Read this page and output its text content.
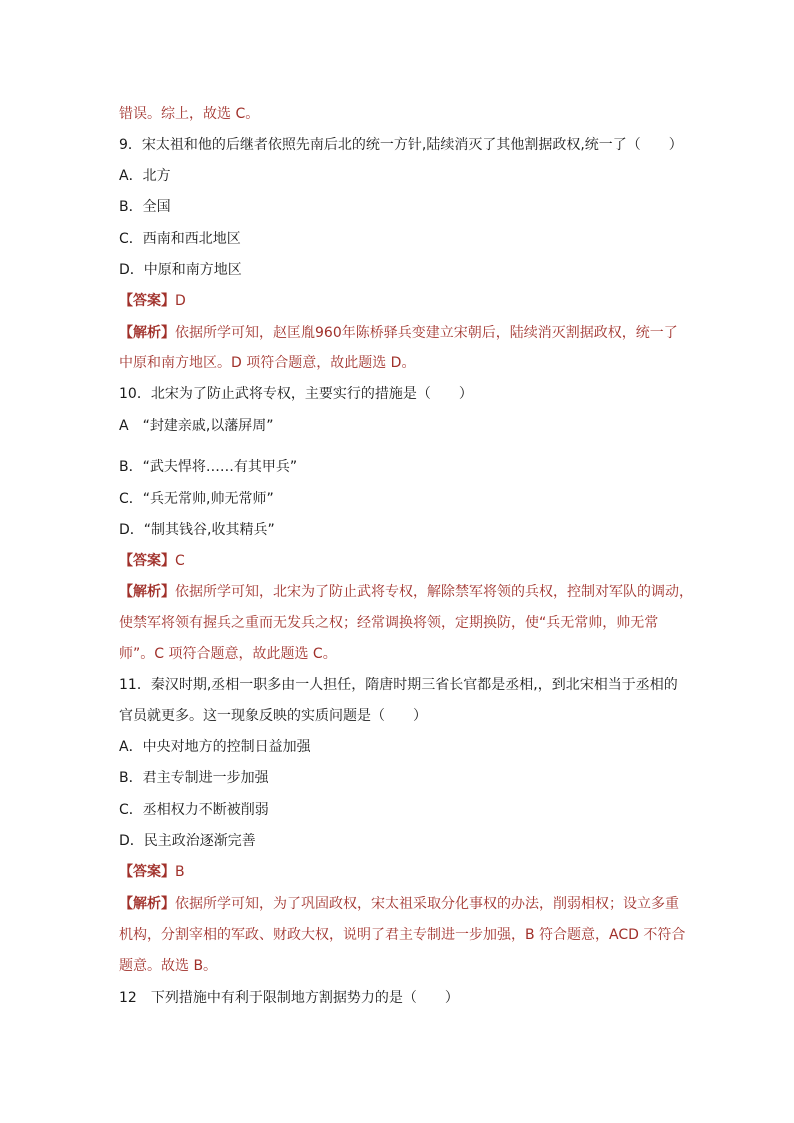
错误。综上，故选 C。
9．宋太祖和他的后继者依照先南后北的统一方针,陆续消灭了其他割据政权,统一了（　　）
A．北方
B．全国
C．西南和西北地区
D．中原和南方地区
【答案】D
【解析】依据所学可知，赵匡胤960年陈桥驿兵变建立宋朝后，陆续消灭割据政权，统一了
中原和南方地区。D 项符合题意，故此题选 D。
10．北宋为了防止武将专权，主要实行的措施是（　　）
A　“封建亲戚,以藩屏周”
B．“武夫悍将……有其甲兵”
C．“兵无常帅,帅无常师”
D．“制其钱谷,收其精兵”
【答案】C
【解析】依据所学可知，北宋为了防止武将专权，解除禁军将领的兵权，控制对军队的调动，
使禁军将领有握兵之重而无发兵之权；经常调换将领，定期换防，使“兵无常帅，帅无常
师”。C 项符合题意，故此题选 C。
11．秦汉时期,丞相一职多由一人担任，隋唐时期三省长官都是丞相,，到北宋相当于丞相的
官员就更多。这一现象反映的实质问题是（　　）
A．中央对地方的控制日益加强
B．君主专制进一步加强
C．丞相权力不断被削弱
D．民主政治逐渐完善
【答案】B
【解析】依据所学可知，为了巩固政权，宋太祖采取分化事权的办法，削弱相权；设立多重
机构，分割宰相的军政、财政大权，说明了君主专制进一步加强，B 符合题意，ACD 不符合
题意。故选 B。
12　下列措施中有利于限制地方割据势力的是（　　）
